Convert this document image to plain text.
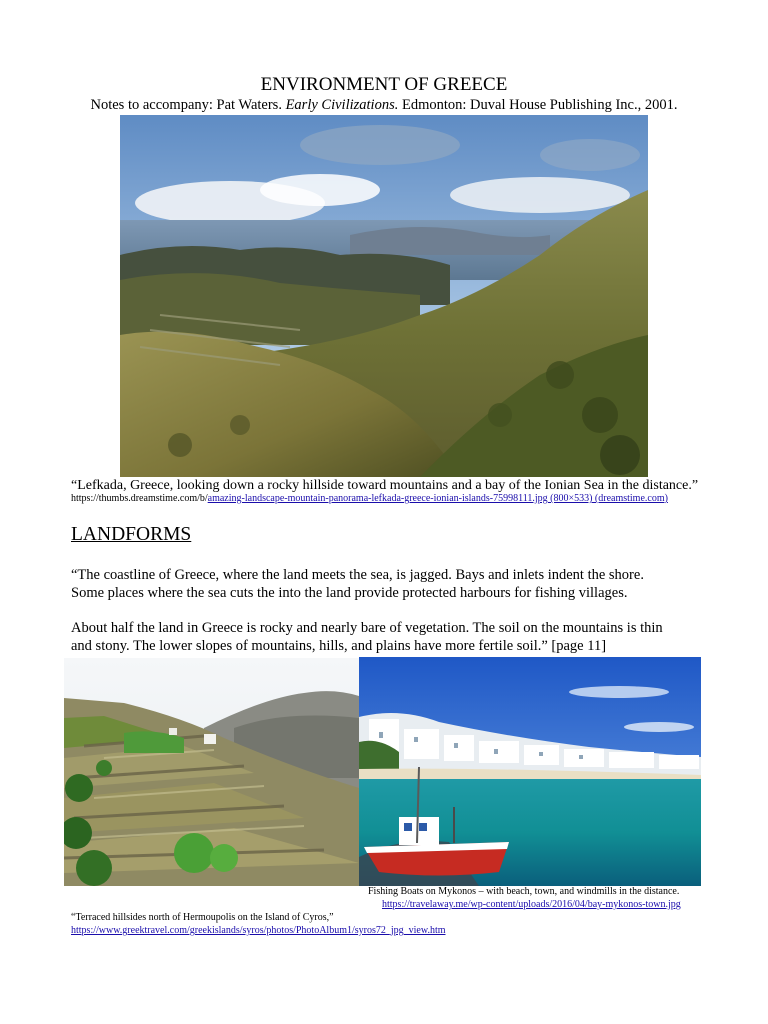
ENVIRONMENT OF GREECE
Notes to accompany: Pat Waters. Early Civilizations. Edmonton: Duval House Publishing Inc., 2001.
“Lefkada, Greece, looking down a rocky hillside toward mountains and a bay of the Ionian Sea in the distance.”
https://thumbs.dreamstime.com/b/amazing-landscape-mountain-panorama-lefkada-greece-ionian-islands-75998111.jpg (800×533) (dreamstime.com)
LANDFORMS
“The coastline of Greece, where the land meets the sea, is jagged. Bays and inlets indent the shore.
Some places where the sea cuts the into the land provide protected harbours for fishing villages.
About half the land in Greece is rocky and nearly bare of vegetation. The soil on the mountains is thin
and stony. The lower slopes of mountains, hills, and plains have more fertile soil.” [page 11]
Fishing Boats on Mykonos – with beach, town, and windmills in the distance.
https://travelaway.me/wp-content/uploads/2016/04/bay-mykonos-town.jpg
“Terraced hillsides north of Hermoupolis on the Island of Cyros,”
https://www.greektravel.com/greekislands/syros/photos/PhotoAlbum1/syros72_jpg_view.htm
